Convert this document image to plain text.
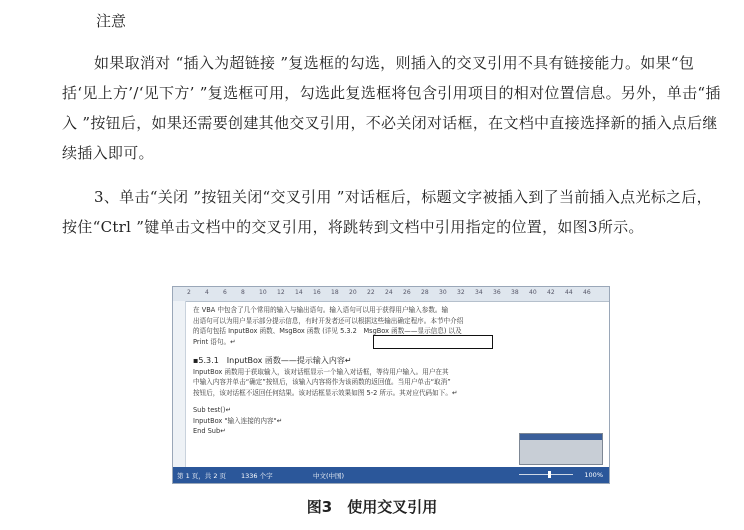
注意

如果取消对 “插入为超链接 ”复选框的勾选，则插入的交叉引用不具有链接能力。如果“包括‘见上方’/‘见下方’ ”复选框可用，勾选此复选框将包含引用项目的相对位置信息。另外，单击“插入 ”按钮后，如果还需要创建其他交叉引用，不必关闭对话框，在文档中直接选择新的插入点后继续插入即可。

3、单击“关闭 ”按钮关闭“交叉引用 ”对话框后，标题文字被插入到了当前插入点光标之后，按住“Ctrl ”键单击文档中的交叉引用，将跳转到文档中引用指定的位置，如图3所示。

2 4 6 8 10 12 14 16 18 20 22 24 26 28 30 32 34 36 38 40 42 44 46

在 VBA 中包含了几个常用的输入与输出语句。输入语句可以用于获得用户输入参数。输

出语句可以为用户显示部分提示信息，有时开发者还可以根据这些输出确定程序。本节中介绍

的语句包括 InputBox 函数、MsgBox 函数 (详见 5.3.2　MsgBox 函数——显示信息) 以及

Print 语句。↵

▪5.3.1　InputBox 函数——提示输入内容↵

InputBox 函数用于获取输入，该对话框显示一个输入对话框，等待用户输入。用户在其

中输入内容并单击“确定”按钮后，该输入内容将作为该函数的返回值。当用户单击“取消”

按钮后，该对话框不返回任何结果。该对话框显示效果如图 5-2 所示。其对应代码如下。↵

Sub test()↵

InputBox "输入连接的内容"↵

End Sub↵

第 1 页，共 2 页 1336 个字	中文(中国)	100%
图3　使用交叉引用
